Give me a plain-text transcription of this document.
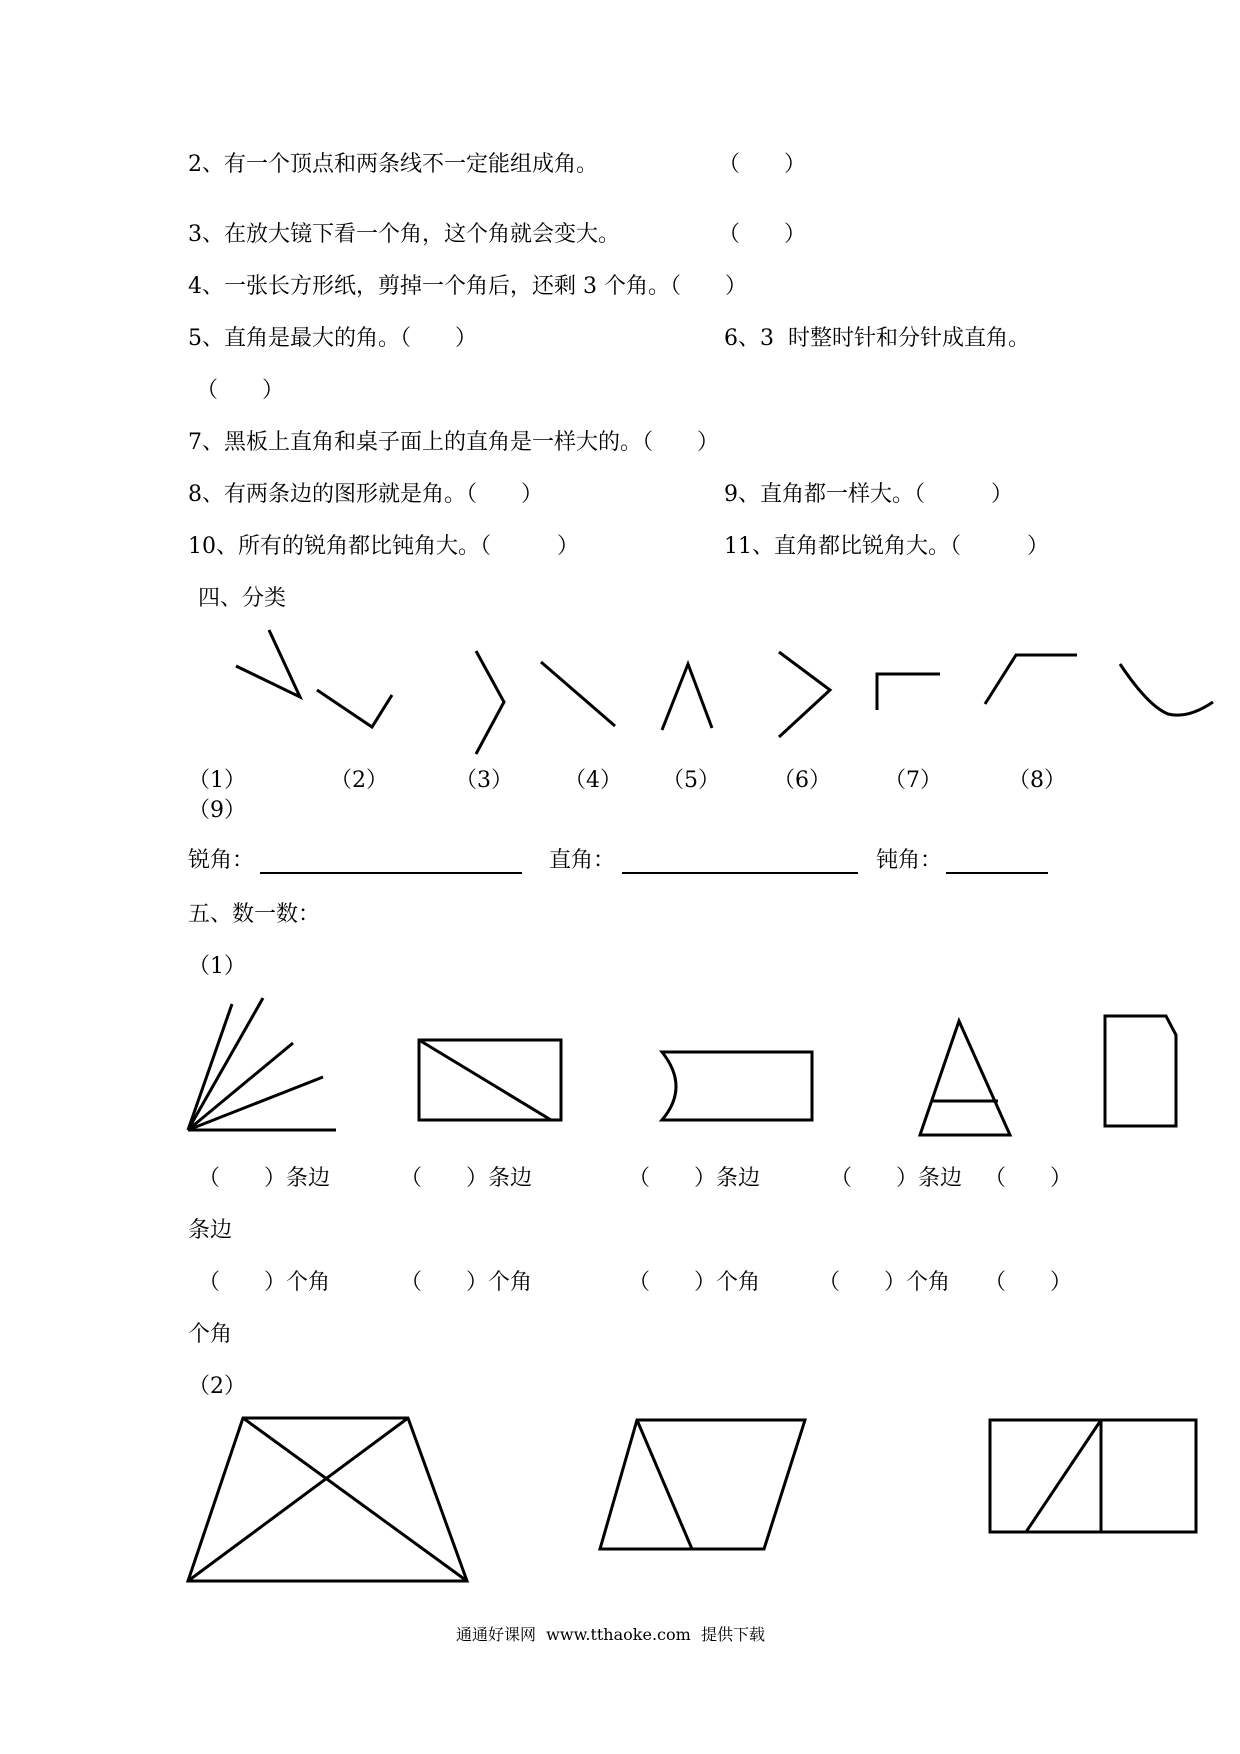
2、有一个顶点和两条线不一定能组成角。	（　　）
3、在放大镜下看一个角，这个角就会变大。	（　　）
4、一张长方形纸，剪掉一个角后，还剩 3 个角。（　　）
5、直角是最大的角。（　　）	6、3  时整时针和分针成直角。
（　　）
7、黑板上直角和桌子面上的直角是一样大的。（　　）
8、有两条边的图形就是角。（　　）	9、直角都一样大。（　　　）
10、所有的锐角都比钝角大。（　　　）	11、直角都比锐角大。（　　　）
四、分类
（1）	（2）	（3） （4） （5） （6） （7）	（8）
（9）
锐角：	直角：	钝角：
五、数一数：
（1）
（　　）条边	（　　）条边	（　　）条边	（　　）条边 （　　）
条边
（　　）个角	（　　）个角	（　　）个角	（　　）个角 （　　）
个角
（2）
通通好课网  www.tthaoke.com  提供下载
